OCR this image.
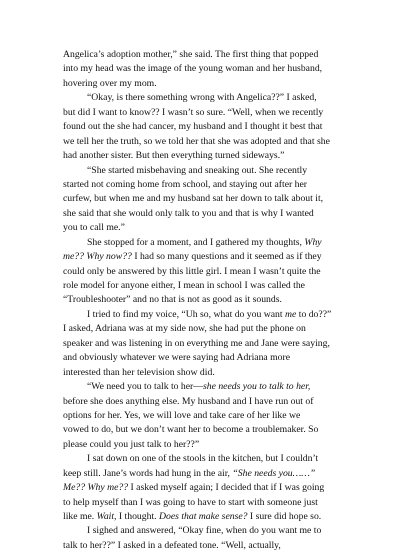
Angelica’s adoption mother,” she said. The first thing that popped
into my head was the image of the young woman and her husband,
hovering over my mom.
“Okay, is there something wrong with Angelica??” I asked,
but did I want to know?? I wasn’t so sure. “Well, when we recently
found out the she had cancer, my husband and I thought it best that
we tell her the truth, so we told her that she was adopted and that she
had another sister. But then everything turned sideways.”
“She started misbehaving and sneaking out. She recently
started not coming home from school, and staying out after her
curfew, but when me and my husband sat her down to talk about it,
she said that she would only talk to you and that is why I wanted
you to call me.”
She stopped for a moment, and I gathered my thoughts, Why
me?? Why now?? I had so many questions and it seemed as if they
could only be answered by this little girl. I mean I wasn’t quite the
role model for anyone either, I mean in school I was called the
“Troubleshooter” and no that is not as good as it sounds.
I tried to find my voice, “Uh so, what do you want me to do??”
I asked, Adriana was at my side now, she had put the phone on
speaker and was listening in on everything me and Jane were saying,
and obviously whatever we were saying had Adriana more
interested than her television show did.
“We need you to talk to her—she needs you to talk to her,
before she does anything else. My husband and I have run out of
options for her. Yes, we will love and take care of her like we
vowed to do, but we don’t want her to become a troublemaker. So
please could you just talk to her??”
I sat down on one of the stools in the kitchen, but I couldn’t
keep still. Jane’s words had hung in the air, “She needs you……”
Me?? Why me?? I asked myself again; I decided that if I was going
to help myself than I was going to have to start with someone just
like me. Wait, I thought. Does that make sense? I sure did hope so.
I sighed and answered, “Okay fine, when do you want me to
talk to her??” I asked in a defeated tone. “Well, actually,
